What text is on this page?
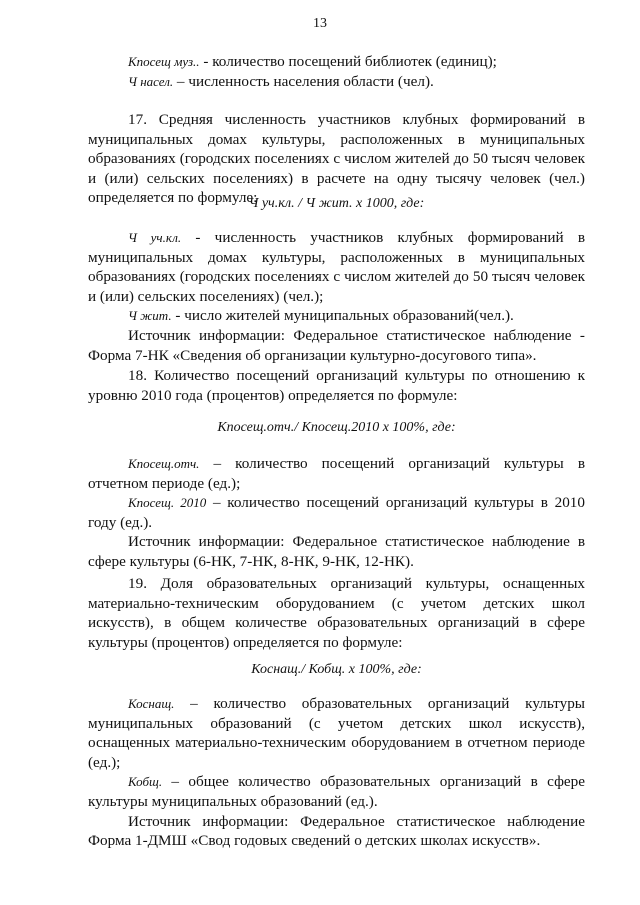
13

Кпосещ муз.. - количество посещений библиотек (единиц);

Ч насел. – численность населения области (чел).

17. Средняя численность участников клубных формирований в муниципальных домах культуры, расположенных в муниципальных образованиях (городских поселениях с числом жителей до 50 тысяч человек и (или) сельских поселениях) в расчете на одну тысячу человек (чел.) определяется по формуле:

Ч уч.кл. / Ч жит. х 1000, где:

Ч уч.кл. - численность участников клубных формирований в муниципальных домах культуры, расположенных в муниципальных образованиях (городских поселениях с числом жителей до 50 тысяч человек и (или) сельских поселениях) (чел.);

Ч жит. - число жителей муниципальных образований(чел.).

Источник информации: Федеральное статистическое наблюдение - Форма 7-НК «Сведения об организации культурно-досугового типа».

18. Количество посещений организаций культуры по отношению к уровню 2010 года (процентов) определяется по формуле:

Кпосещ.отч./ Кпосещ.2010 х 100%, где:

Кпосещ.отч. – количество посещений организаций культуры в отчетном периоде (ед.);

Кпосещ. 2010 – количество посещений организаций культуры в 2010 году (ед.).

Источник информации: Федеральное статистическое наблюдение в сфере культуры (6-НК, 7-НК, 8-НК, 9-НК, 12-НК).

19. Доля образовательных организаций культуры, оснащенных материально-техническим оборудованием (с учетом детских школ искусств), в общем количестве образовательных организаций в сфере культуры (процентов) определяется по формуле:

Коснащ./ Кобщ. х 100%, где:

Коснащ. – количество образовательных организаций культуры муниципальных образований (с учетом детских школ искусств), оснащенных материально-техническим оборудованием в отчетном периоде (ед.);

Кобщ. – общее количество образовательных организаций в сфере культуры муниципальных образований (ед.).

Источник информации: Федеральное статистическое наблюдение Форма 1-ДМШ «Свод годовых сведений о детских школах искусств».
